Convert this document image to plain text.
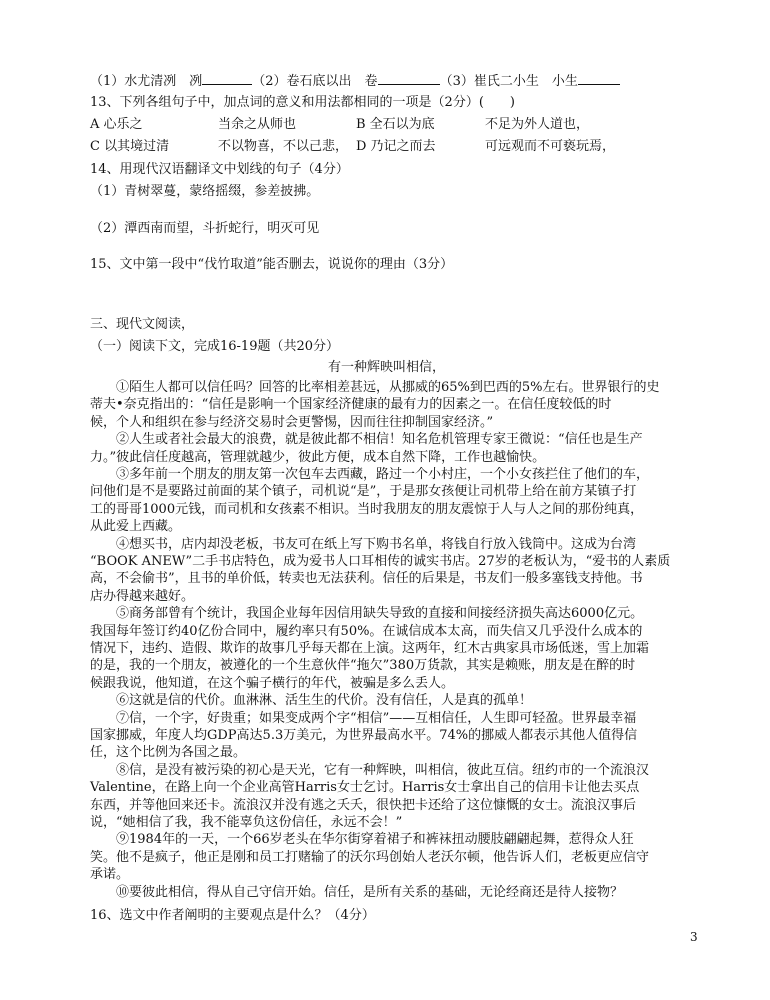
（1）水尤清冽　冽	（2）卷石底以出　卷	（3）崔氏二小生　小生
13、下列各组句子中，加点词的意义和用法都相同的一项是（2分）(　　)
A 心乐之	当余之从师也	B 全石以为底	不足为外人道也，
C 以其境过清	不以物喜，不以己悲， D 乃记之而去	可远观而不可亵玩焉，
14、用现代汉语翻译文中划线的句子（4分）
（1）青树翠蔓，蒙络摇缀，参差披拂。
（2）潭西南而望，斗折蛇行，明灭可见
15、文中第一段中“伐竹取道”能否删去，说说你的理由（3分）
三、现代文阅读，
（一）阅读下文，完成16-19题（共20分）
有一种辉映叫相信，
　　①陌生人都可以信任吗？回答的比率相差甚远，从挪威的65%到巴西的5%左右。世界银行的史
蒂夫•奈克指出的：“信任是影响一个国家经济健康的最有力的因素之一。在信任度较低的时
候，个人和组织在参与经济交易时会更警惕，因而往往抑制国家经济。”
　　②人生或者社会最大的浪费，就是彼此都不相信！知名危机管理专家王微说：“信任也是生产
力。”彼此信任度越高，管理就越少，彼此方便，成本自然下降，工作也越愉快。
　　③多年前一个朋友的朋友第一次包车去西藏，路过一个小村庄，一个小女孩拦住了他们的车，
问他们是不是要路过前面的某个镇子，司机说“是”，于是那女孩便让司机带上给在前方某镇子打
工的哥哥1000元钱，而司机和女孩素不相识。当时我朋友的朋友震惊于人与人之间的那份纯真，
从此爱上西藏。
　　④想买书，店内却没老板，书友可在纸上写下购书名单，将钱自行放入钱筒中。这成为台湾
“BOOK ANEW”二手书店特色，成为爱书人口耳相传的诚实书店。27岁的老板认为，“爱书的人素质
高，不会偷书”，且书的单价低，转卖也无法获利。信任的后果是，书友们一般多塞钱支持他。书
店办得越来越好。
　　⑤商务部曾有个统计，我国企业每年因信用缺失导致的直接和间接经济损失高达6000亿元。
我国每年签订约40亿份合同中，履约率只有50%。在诚信成本太高，而失信又几乎没什么成本的
情况下，违约、造假、欺诈的故事几乎每天都在上演。这两年，红木古典家具市场低迷，雪上加霜
的是，我的一个朋友，被遵化的一个生意伙伴“拖欠”380万货款，其实是赖账，朋友是在醉的时
候跟我说，他知道，在这个骗子横行的年代，被骗是多么丢人。
　　⑥这就是信的代价。血淋淋、活生生的代价。没有信任，人是真的孤单！
　　⑦信，一个字，好贵重；如果变成两个字“相信”——互相信任，人生即可轻盈。世界最幸福
国家挪威，年度人均GDP高达5.3万美元，为世界最高水平。74%的挪威人都表示其他人值得信
任，这个比例为各国之最。
　　⑧信，是没有被污染的初心是天光，它有一种辉映，叫相信，彼此互信。纽约市的一个流浪汉
Valentine，在路上向一个企业高管Harris女士乞讨。Harris女士拿出自己的信用卡让他去买点
东西，并等他回来还卡。流浪汉并没有逃之夭夭，很快把卡还给了这位慷慨的女士。流浪汉事后
说，“她相信了我，我不能辜负这份信任，永远不会！”
　　⑨1984年的一天，一个66岁老头在华尔街穿着裙子和裤袜扭动腰肢翩翩起舞，惹得众人狂
笑。他不是疯子，他正是刚和员工打赌输了的沃尔玛创始人老沃尔顿，他告诉人们，老板更应信守
承诺。
　　⑩要彼此相信，得从自己守信开始。信任，是所有关系的基础，无论经商还是待人接物？
16、选文中作者阐明的主要观点是什么？（4分）
3
